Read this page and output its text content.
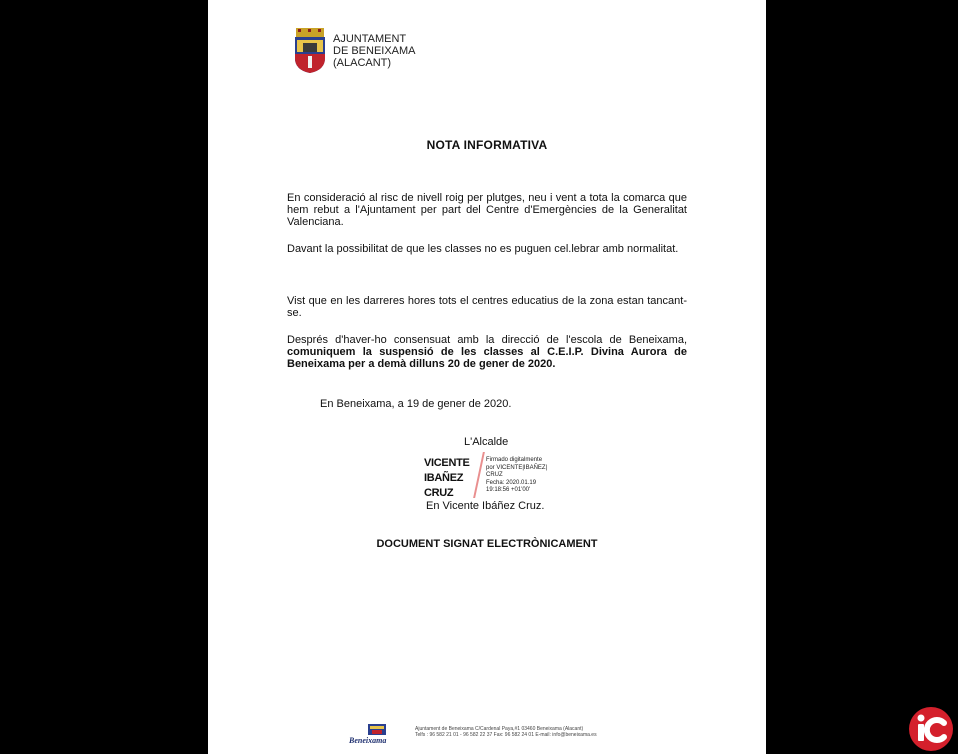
AJUNTAMENT
DE BENEIXAMA
(ALACANT)
NOTA INFORMATIVA
En consideració al risc de nivell roig per plutges, neu i vent a tota la comarca que hem rebut a l'Ajuntament per part del Centre d'Emergències de la Generalitat Valenciana.
Davant la possibilitat de que les classes no es puguen cel.lebrar amb normalitat.
Vist que en les darreres hores tots el centres educatius de la zona estan tancant-se.
Després d'haver-ho consensuat amb la direcció de l'escola de Beneixama, comuniquem la suspensió de les classes al C.E.I.P. Divina Aurora de Beneixama per a demà dilluns 20 de gener de 2020.
En Beneixama, a 19 de gener de 2020.
L'Alcalde
VICENTE
IBAÑEZ
CRUZ
Firmado digitalmente
por VICENTE|IBAÑEZ|
CRUZ
Fecha: 2020.01.19
19:18:56 +01'00'
En Vicente Ibáñez Cruz.
DOCUMENT SIGNAT ELECTRÒNICAMENT
Beneixama
Ajuntament de Beneixama C/Cardenal Paya,#1 03460 Beneixama (Alacant)
Telfs : 96 582 21 01 - 96 582 22 37 Fax: 96 582 24 01 E-mail: info@beneixama.es
